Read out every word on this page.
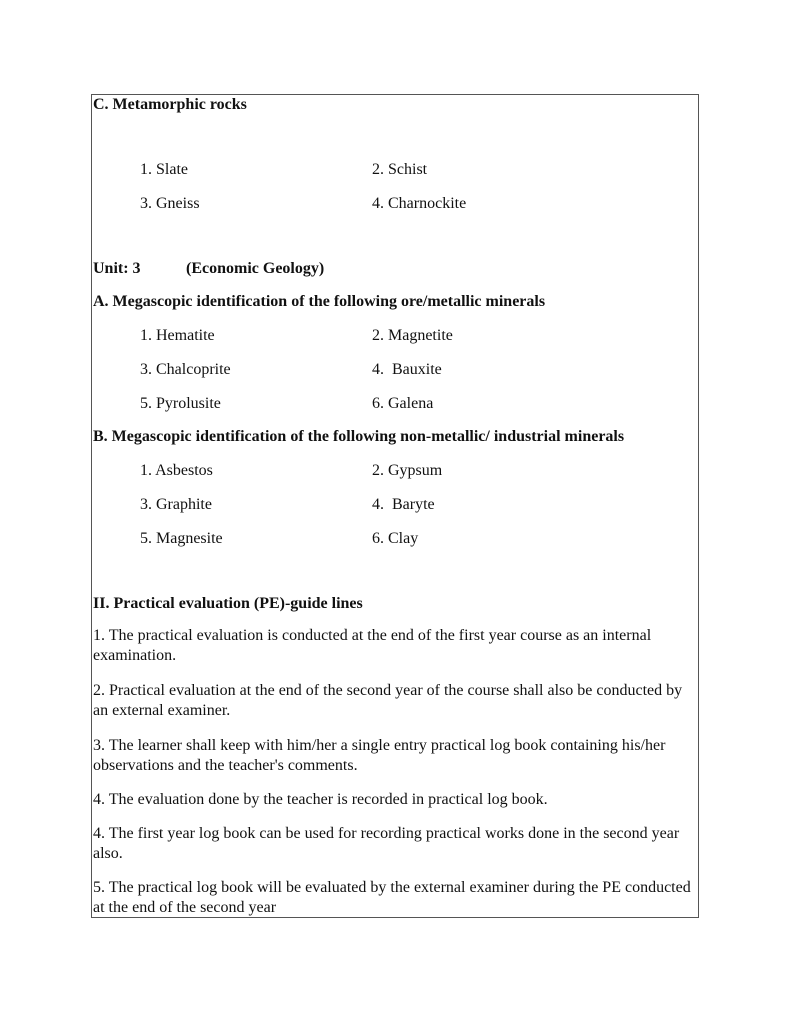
C. Metamorphic rocks
1. Slate	2. Schist
3. Gneiss	4. Charnockite
Unit: 3	(Economic Geology)
A. Megascopic identification of the following ore/metallic minerals
1. Hematite	2. Magnetite
3. Chalcoprite	4.  Bauxite
5. Pyrolusite	6. Galena
B. Megascopic identification of the following non-metallic/ industrial minerals
1. Asbestos	2. Gypsum
3. Graphite	4.  Baryte
5. Magnesite	6. Clay
II. Practical evaluation (PE)-guide lines
1. The practical evaluation is conducted at the end of the first year course as an internal examination.
2. Practical evaluation at the end of the second year of the course shall also be conducted by an external examiner.
3. The learner shall keep with him/her a single entry practical log book containing his/her observations and the teacher's comments.
4. The evaluation done by the teacher is recorded in practical log book.
4. The first year log book can be used for recording practical works done in the second year also.
5. The practical log book will be evaluated by the external examiner during the PE conducted at the end of the second year
